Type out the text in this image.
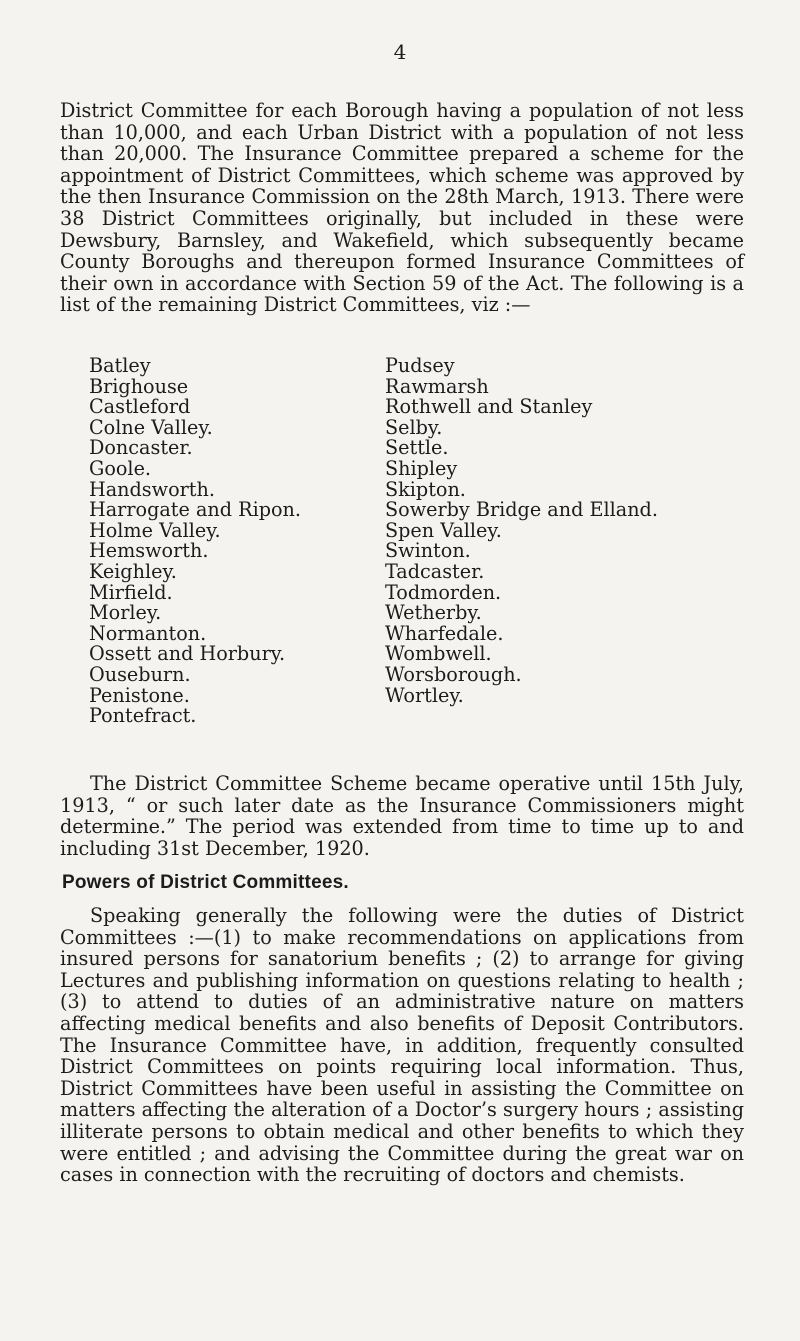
4

District Committee for each Borough having a population of not less than 10,000, and each Urban District with a population of not less than 20,000. The Insurance Committee prepared a scheme for the appointment of District Committees, which scheme was approved by the then Insurance Commission on the 28th March, 1913. There were 38 District Committees originally, but included in these were Dewsbury, Barnsley, and Wakefield, which subsequently became County Boroughs and thereupon formed Insurance Committees of their own in accordance with Section 59 of the Act. The following is a list of the remaining District Committees, viz :—

Batley
Brighouse
Castleford
Colne Valley.
Doncaster.
Goole.
Handsworth.
Harrogate and Ripon.
Holme Valley.
Hemsworth.
Keighley.
Mirfield.
Morley.
Normanton.
Ossett and Horbury.
Ouseburn.
Penistone.
Pontefract.
Pudsey
Rawmarsh
Rothwell and Stanley
Selby.
Settle.
Shipley
Skipton.
Sowerby Bridge and Elland.
Spen Valley.
Swinton.
Tadcaster.
Todmorden.
Wetherby.
Wharfedale.
Wombwell.
Worsborough.
Wortley.

The District Committee Scheme became operative until 15th July, 1913, “ or such later date as the Insurance Commissioners might determine.” The period was extended from time to time up to and including 31st December, 1920.

Powers of District Committees.

Speaking generally the following were the duties of District Committees :—(1) to make recommendations on applications from insured persons for sanatorium benefits ; (2) to arrange for giving Lectures and publishing information on questions relating to health ; (3) to attend to duties of an administrative nature on matters affecting medical benefits and also benefits of Deposit Contributors. The Insurance Committee have, in addition, frequently consulted District Committees on points requiring local information. Thus, District Committees have been useful in assisting the Committee on matters affecting the alteration of a Doctor’s surgery hours ; assisting illiterate persons to obtain medical and other benefits to which they were entitled ; and advising the Committee during the great war on cases in connection with the recruiting of doctors and chemists.
